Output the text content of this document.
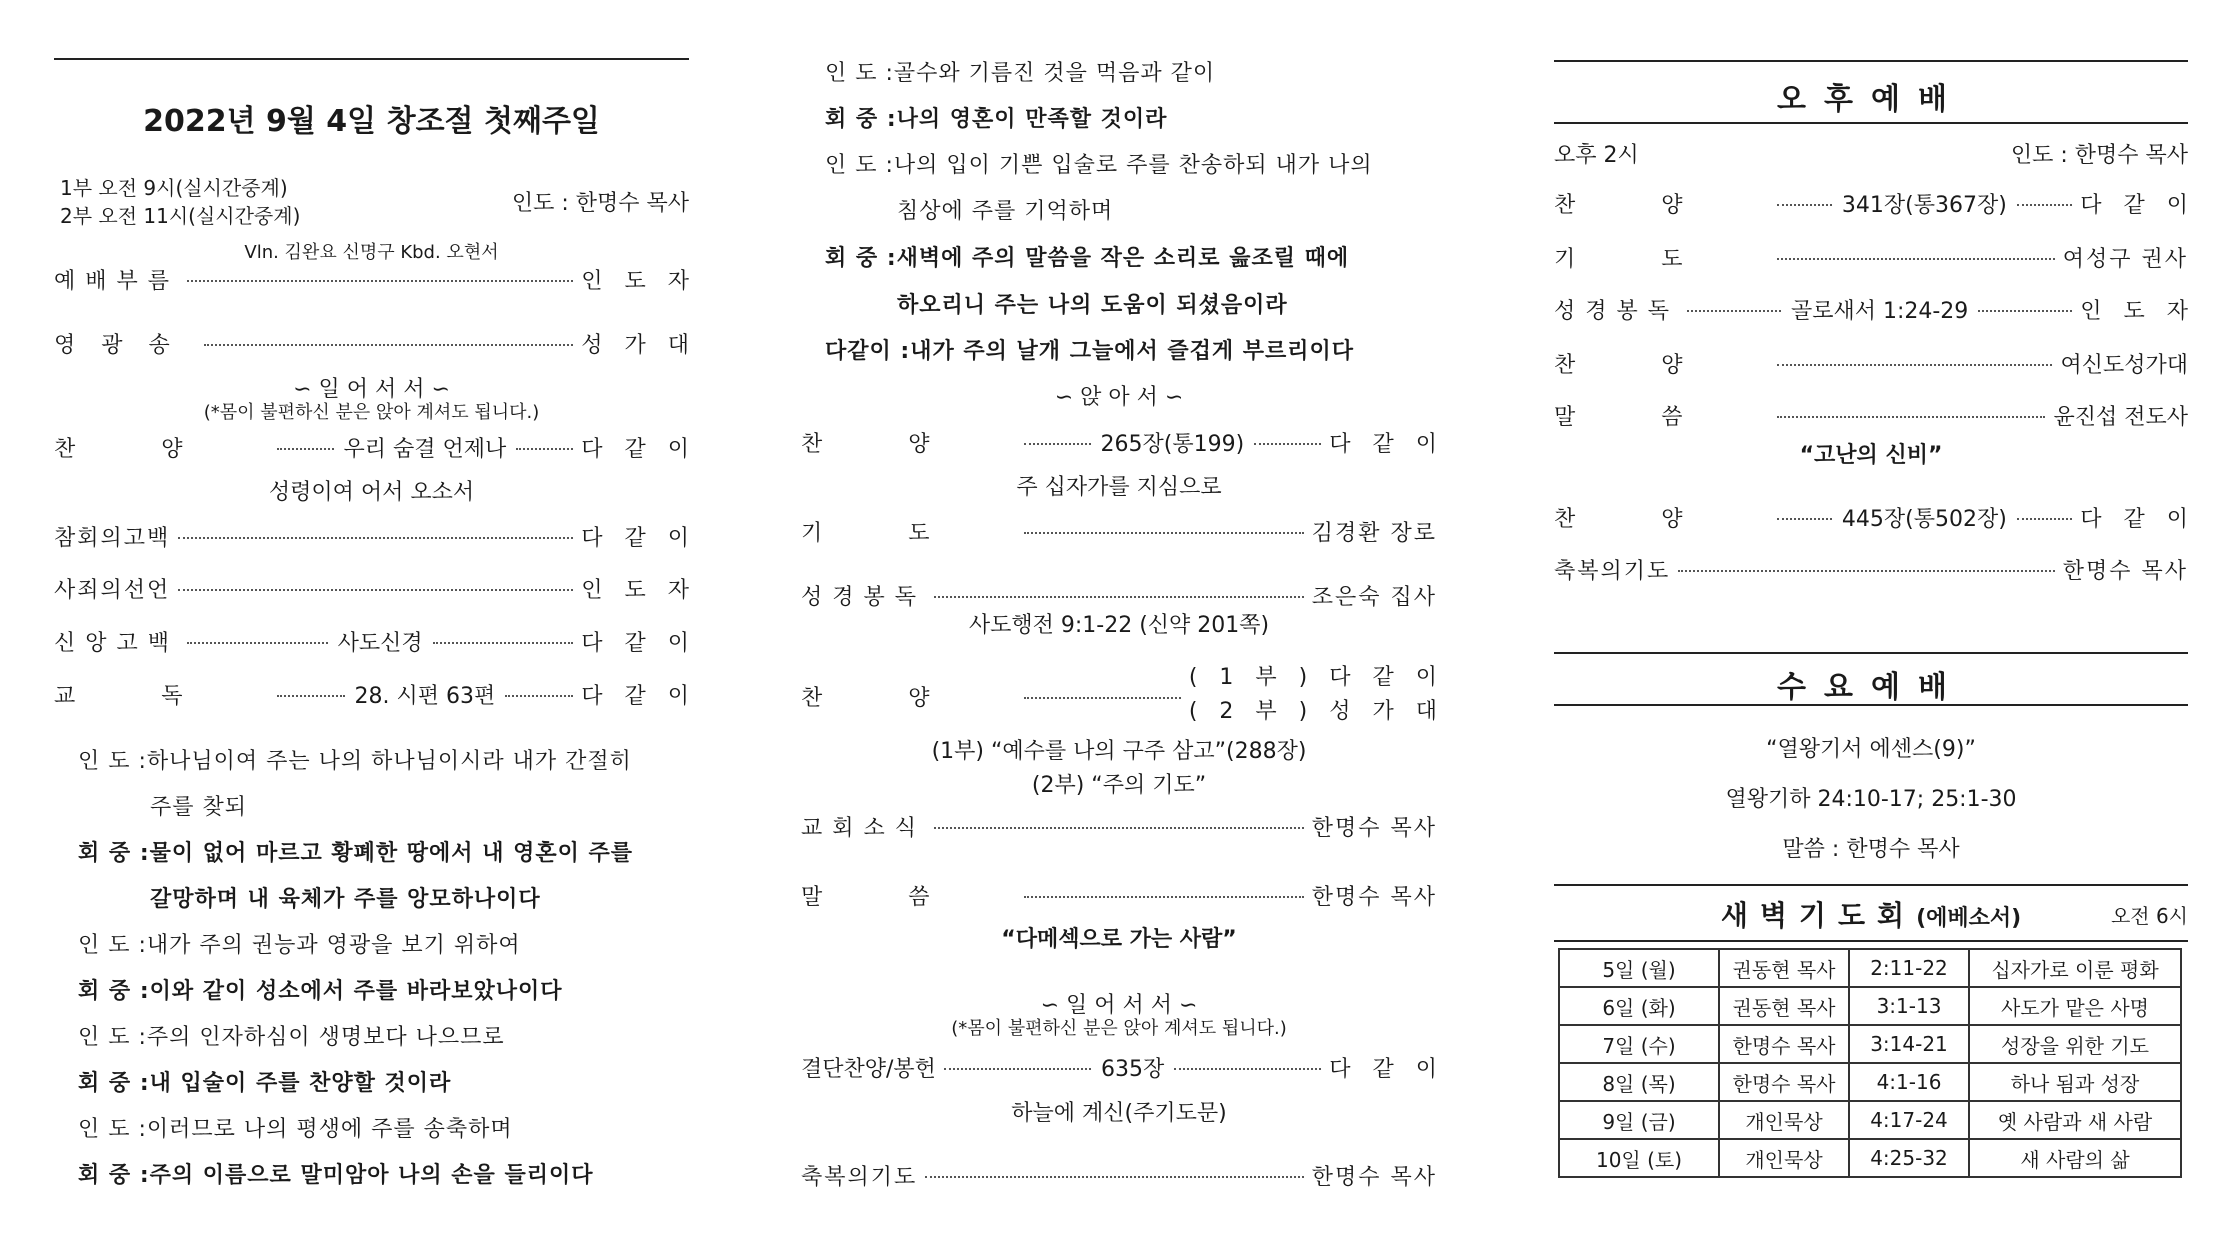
2022년 9월 4일 창조절 첫째주일
1부 오전 9시(실시간중계)
2부 오전 11시(실시간중계)	인도 : 한명수 목사
Vln. 김완요 신명구 Kbd. 오현서
예배부름	인도자
영광송	성가대
∽ 일 어 서 서 ∽
(*몸이 불편하신 분은 앉아 계셔도 됩니다.)
찬양	우리 숨결 언제나	다같이
성령이여 어서 오소서
참회의고백	다같이
사죄의선언	인도자
신앙고백	사도신경	다같이
교독	28. 시편 63편	다같이
인 도 : 하나님이여 주는 나의 하나님이시라 내가 간절히
주를 찾되
회 중 : 물이 없어 마르고 황폐한 땅에서 내 영혼이 주를
갈망하며 내 육체가 주를 앙모하나이다
인 도 : 내가 주의 권능과 영광을 보기 위하여
회 중 : 이와 같이 성소에서 주를 바라보았나이다
인 도 : 주의 인자하심이 생명보다 나으므로
회 중 : 내 입술이 주를 찬양할 것이라
인 도 : 이러므로 나의 평생에 주를 송축하며
회 중 : 주의 이름으로 말미암아 나의 손을 들리이다
인 도 : 골수와 기름진 것을 먹음과 같이
회 중 : 나의 영혼이 만족할 것이라
인 도 : 나의 입이 기쁜 입술로 주를 찬송하되 내가 나의
침상에 주를 기억하며
회 중 : 새벽에 주의 말씀을 작은 소리로 읊조릴 때에
하오리니 주는 나의 도움이 되셨음이라
다같이 : 내가 주의 날개 그늘에서 즐겁게 부르리이다
∽ 앉 아 서 ∽
찬양	265장(통199)	다같이
주 십자가를 지심으로
기도	김경환 장로
성경봉독	조은숙 집사
사도행전 9:1-22 (신약 201쪽)
찬양
(1부)다같이
(2부)성가대
(1부) “예수를 나의 구주 삼고”(288장)
(2부) “주의 기도”
교회소식	한명수 목사
말씀	한명수 목사
“다메섹으로 가는 사람”
∽ 일 어 서 서 ∽
(*몸이 불편하신 분은 앉아 계셔도 됩니다.)
결단찬양/봉헌	635장	다같이
하늘에 계신(주기도문)
축복의기도	한명수 목사
오후예배
오후 2시	인도 : 한명수 목사
찬양	341장(통367장)	다같이
기도	여성구 권사
성경봉독	골로새서 1:24-29	인도자
찬양	여신도성가대
말씀	윤진섭 전도사
“고난의 신비”
찬양	445장(통502장)	다같이
축복의기도	한명수 목사
수요예배
“열왕기서 에센스(9)”
열왕기하 24:10-17; 25:1-30
말씀 : 한명수 목사
새벽기도회(에베소서)	오전 6시
5일 (월)	권동현 목사	2:11-22	십자가로 이룬 평화
6일 (화)	권동현 목사	3:1-13	사도가 맡은 사명
7일 (수)	한명수 목사	3:14-21	성장을 위한 기도
8일 (목)	한명수 목사	4:1-16	하나 됨과 성장
9일 (금)	개인묵상	4:17-24	옛 사람과 새 사람
10일 (토)	개인묵상	4:25-32	새 사람의 삶
